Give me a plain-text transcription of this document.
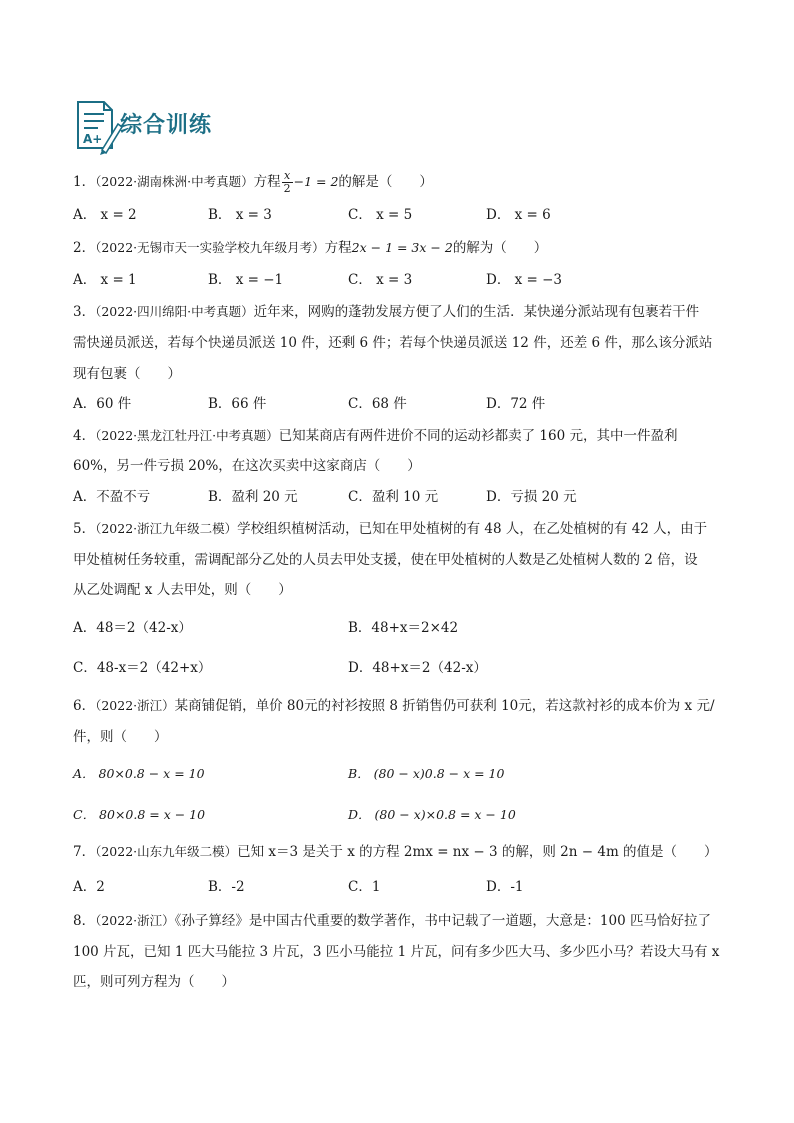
A+
综合训练
1．（2022·湖南株洲·中考真题）方程 $\frac{x}{2} -1 = 2$的解是（　　）
A． x = 2	B． x = 3	C． x = 5	D． x = 6
2．（2022·无锡市天一实验学校九年级月考）方程2x − 1 = 3x − 2的解为（　　）
A． x = 1	B． x = −1	C． x = 3	D． x = −3
3．（2022·四川绵阳·中考真题）近年来，网购的蓬勃发展方便了人们的生活．某快递分派站现有包裹若干件
需快递员派送，若每个快递员派送 10 件，还剩 6 件；若每个快递员派送 12 件，还差 6 件，那么该分派站
现有包裹（　　）
A．60 件	B．66 件	C．68 件	D．72 件
4．（2022·黑龙江牡丹江·中考真题）已知某商店有两件进价不同的运动衫都卖了 160 元，其中一件盈利
60%，另一件亏损 20%，在这次买卖中这家商店（　　）
A．不盈不亏	B．盈利 20 元	C．盈利 10 元	D．亏损 20 元
5．（2022·浙江九年级二模）学校组织植树活动，已知在甲处植树的有 48 人，在乙处植树的有 42 人，由于
甲处植树任务较重，需调配部分乙处的人员去甲处支援，使在甲处植树的人数是乙处植树人数的 2 倍，设
从乙处调配 x 人去甲处，则（　　）
A．48＝2（42-x）	B．48+x＝2×42
C．48-x＝2（42+x）	D．48+x＝2（42-x）
6．（2022·浙江）某商铺促销，单价 80元的衬衫按照 8 折销售仍可获利 10元，若这款衬衫的成本价为 x 元/
件，则（　　）
A． 80×0.8 − x = 10	B． (80 − x)0.8 − x = 10
C． 80×0.8 = x − 10	D． (80 − x)×0.8 = x − 10
7．（2022·山东九年级二模）已知 x＝3 是关于 x 的方程 2mx = nx − 3 的解，则 2n − 4m 的值是（　　）
A．2	B．-2	C．1	D．-1
8．（2022·浙江）《孙子算经》是中国古代重要的数学著作，书中记载了一道题，大意是：100 匹马恰好拉了
100 片瓦，已知 1 匹大马能拉 3 片瓦，3 匹小马能拉 1 片瓦，问有多少匹大马、多少匹小马？若设大马有 x
匹，则可列方程为（　　）
